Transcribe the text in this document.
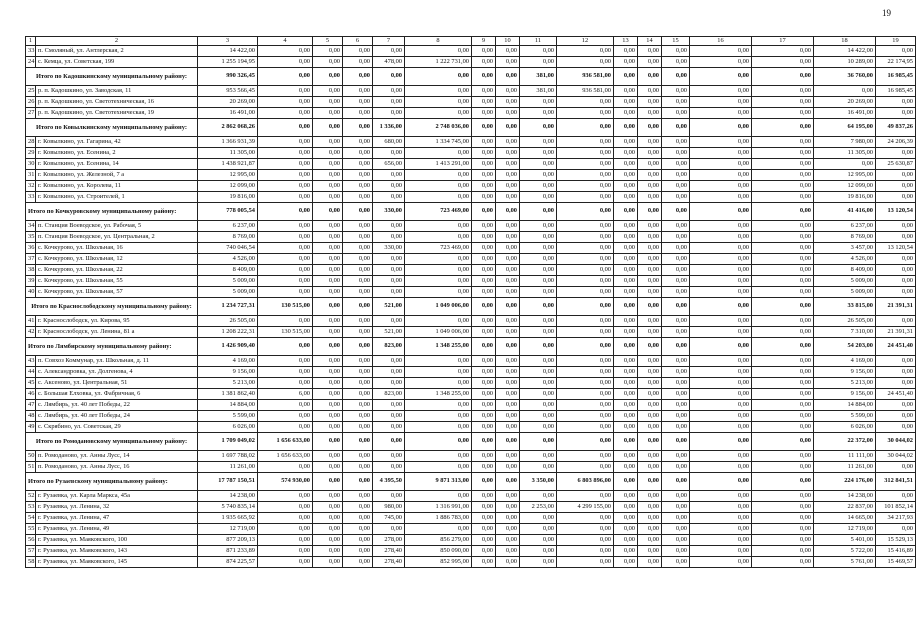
19
1	2	3	4	5	6	7	8	9	10	11	12	13	14	15	16	17	18	19
33	п. Смоляный, ул. Антлерская, 2	14 422,00	0,00	0,00	0,00	0,00	0,00	0,00	0,00	0,00	0,00	0,00	0,00	0,00	0,00	0,00	14 422,00	0,00
24	с. Кемца, ул. Советская, 199	1 255 194,95	0,00	0,00	0,00	478,00	1 222 731,00	0,00	0,00	0,00	0,00	0,00	0,00	0,00	0,00	0,00	10 289,00	22 174,95
Итого по Кадошкинскому муниципальному району:		990 326,45	0,00	0,00	0,00	0,00	0,00	0,00	0,00	381,00	936 581,00	0,00	0,00	0,00	0,00	0,00	36 760,00	16 985,45
25	р. п. Кадошкино, ул. Заводская, 11	953 566,45	0,00	0,00	0,00	0,00	0,00	0,00	0,00	381,00	936 581,00	0,00	0,00	0,00	0,00	0,00	0,00	16 985,45
26	р. п. Кадошкино, ул. Светотехническая, 16	20 269,00	0,00	0,00	0,00	0,00	0,00	0,00	0,00	0,00	0,00	0,00	0,00	0,00	0,00	0,00	20 269,00	0,00
27	р. п. Кадошкино, ул. Светотехническая, 19	16 491,00	0,00	0,00	0,00	0,00	0,00	0,00	0,00	0,00	0,00	0,00	0,00	0,00	0,00	0,00	16 491,00	0,00
Итого по Ковылкинскому муниципальному району:		2 862 068,26	0,00	0,00	0,00	1 336,00	2 748 036,00	0,00	0,00	0,00	0,00	0,00	0,00	0,00	0,00	0,00	64 195,00	49 837,26
28	г. Ковылкино, ул. Гагарина, 42	1 366 931,39	0,00	0,00	0,00	680,00	1 334 745,00	0,00	0,00	0,00	0,00	0,00	0,00	0,00	0,00	0,00	7 980,00	24 206,39
29	г. Ковылкино, ул. Есенина, 2	11 305,00	0,00	0,00	0,00	0,00	0,00	0,00	0,00	0,00	0,00	0,00	0,00	0,00	0,00	0,00	11 305,00	0,00
30	г. Ковылкино, ул. Есенина, 14	1 438 921,87	0,00	0,00	0,00	656,00	1 413 291,00	0,00	0,00	0,00	0,00	0,00	0,00	0,00	0,00	0,00	0,00	25 630,87
31	г. Ковылкино, ул. Железной, 7 а	12 995,00	0,00	0,00	0,00	0,00	0,00	0,00	0,00	0,00	0,00	0,00	0,00	0,00	0,00	0,00	12 995,00	0,00
32	г. Ковылкино, ул. Королева, 11	12 099,00	0,00	0,00	0,00	0,00	0,00	0,00	0,00	0,00	0,00	0,00	0,00	0,00	0,00	0,00	12 099,00	0,00
33	г. Ковылкино, ул. Строителей, 1	19 816,00	0,00	0,00	0,00	0,00	0,00	0,00	0,00	0,00	0,00	0,00	0,00	0,00	0,00	0,00	19 816,00	0,00
Итого по Кочкуровскому муниципальному району:		778 005,54	0,00	0,00	0,00	330,00	723 469,00	0,00	0,00	0,00	0,00	0,00	0,00	0,00	0,00	0,00	41 416,00	13 120,54
34	п. Станция Воеводское, ул. Рабочая, 5	6 237,00	0,00	0,00	0,00	0,00	0,00	0,00	0,00	0,00	0,00	0,00	0,00	0,00	0,00	0,00	6 237,00	0,00
35	п. Станция Воеводское, ул. Центральная, 2	8 769,00	0,00	0,00	0,00	0,00	0,00	0,00	0,00	0,00	0,00	0,00	0,00	0,00	0,00	0,00	8 769,00	0,00
36	с. Кочкурово, ул. Школьная, 16	740 046,54	0,00	0,00	0,00	330,00	723 469,00	0,00	0,00	0,00	0,00	0,00	0,00	0,00	0,00	0,00	3 457,00	13 120,54
37	с. Кочкурово, ул. Школьная, 12	4 526,00	0,00	0,00	0,00	0,00	0,00	0,00	0,00	0,00	0,00	0,00	0,00	0,00	0,00	0,00	4 526,00	0,00
38	с. Кочкурово, ул. Школьная, 22	8 409,00	0,00	0,00	0,00	0,00	0,00	0,00	0,00	0,00	0,00	0,00	0,00	0,00	0,00	0,00	8 409,00	0,00
39	с. Кочкурово, ул. Школьная, 55	5 009,00	0,00	0,00	0,00	0,00	0,00	0,00	0,00	0,00	0,00	0,00	0,00	0,00	0,00	0,00	5 009,00	0,00
40	с. Кочкурово, ул. Школьная, 57	5 009,00	0,00	0,00	0,00	0,00	0,00	0,00	0,00	0,00	0,00	0,00	0,00	0,00	0,00	0,00	5 009,00	0,00
Итого по Краснослободскому муниципальному району:		1 234 727,31	130 515,00	0,00	0,00	521,00	1 049 006,00	0,00	0,00	0,00	0,00	0,00	0,00	0,00	0,00	0,00	33 815,00	21 391,31
41	г. Краснослободск, ул. Кирова, 95	26 505,00	0,00	0,00	0,00	0,00	0,00	0,00	0,00	0,00	0,00	0,00	0,00	0,00	0,00	0,00	26 505,00	0,00
42	г. Краснослободск, ул. Ленина, 81 а	1 208 222,31	130 515,00	0,00	0,00	521,00	1 049 006,00	0,00	0,00	0,00	0,00	0,00	0,00	0,00	0,00	0,00	7 310,00	21 391,31
Итого по Лямбирскому муниципальному району:		1 426 909,40	0,00	0,00	0,00	823,00	1 348 255,00	0,00	0,00	0,00	0,00	0,00	0,00	0,00	0,00	0,00	54 203,00	24 451,40
43	п. Совхоз Коммунар, ул. Школьная, д. 11	4 169,00	0,00	0,00	0,00	0,00	0,00	0,00	0,00	0,00	0,00	0,00	0,00	0,00	0,00	0,00	4 169,00	0,00
44	с. Александровка, ул. Долгенова, 4	9 156,00	0,00	0,00	0,00	0,00	0,00	0,00	0,00	0,00	0,00	0,00	0,00	0,00	0,00	0,00	9 156,00	0,00
45	с. Аксеново, ул. Центральная, 51	5 213,00	0,00	0,00	0,00	0,00	0,00	0,00	0,00	0,00	0,00	0,00	0,00	0,00	0,00	0,00	5 213,00	0,00
46	с. Большая Елховка, ул. Фабричная, 6	1 381 862,40	6,00	0,00	0,00	823,00	1 348 255,00	0,00	0,00	0,00	0,00	0,00	0,00	0,00	0,00	0,00	9 156,00	24 451,40
47	с. Лямбирь, ул. 40 лет Победы, 22	14 884,00	0,00	0,00	0,00	0,00	0,00	0,00	0,00	0,00	0,00	0,00	0,00	0,00	0,00	0,00	14 884,00	0,00
48	с. Лямбирь, ул. 40 лет Победы, 24	5 599,00	0,00	0,00	0,00	0,00	0,00	0,00	0,00	0,00	0,00	0,00	0,00	0,00	0,00	0,00	5 599,00	0,00
49	с. Скрябино, ул. Советская, 29	6 026,00	0,00	0,00	0,00	0,00	0,00	0,00	0,00	0,00	0,00	0,00	0,00	0,00	0,00	0,00	6 026,00	0,00
Итого по Ромодановскому муниципальному району:		1 709 049,02	1 656 633,00	0,00	0,00	0,00	0,00	0,00	0,00	0,00	0,00	0,00	0,00	0,00	0,00	0,00	22 372,00	30 044,02
50	п. Ромоданово, ул. Анны Лусс, 14	1 697 788,02	1 656 633,00	0,00	0,00	0,00	0,00	0,00	0,00	0,00	0,00	0,00	0,00	0,00	0,00	0,00	11 111,00	30 044,02
51	п. Ромоданово, ул. Анны Лусс, 16	11 261,00	0,00	0,00	0,00	0,00	0,00	0,00	0,00	0,00	0,00	0,00	0,00	0,00	0,00	0,00	11 261,00	0,00
Итого по Рузаевскому муниципальному району:		17 787 150,51	574 930,00	0,00	0,00	4 395,50	9 871 313,00	0,00	0,00	3 350,00	6 803 896,00	0,00	0,00	0,00	0,00	0,00	224 176,00	312 841,51
52	г. Рузаевка, ул. Карла Маркса, 45а	14 238,00	0,00	0,00	0,00	0,00	0,00	0,00	0,00	0,00	0,00	0,00	0,00	0,00	0,00	0,00	14 238,00	0,00
53	г. Рузаевка, ул. Ленина, 32	5 740 835,14	0,00	0,00	0,00	980,00	1 316 991,00	0,00	0,00	2 253,00	4 299 155,00	0,00	0,00	0,00	0,00	0,00	22 837,00	101 852,14
54	г. Рузаевка, ул. Ленина, 47	1 935 665,92	0,00	0,00	0,00	745,00	1 886 783,00	0,00	0,00	0,00	0,00	0,00	0,00	0,00	0,00	0,00	14 665,00	34 217,93
55	г. Рузаевка, ул. Ленина, 49	12 719,00	0,00	0,00	0,00	0,00	0,00	0,00	0,00	0,00	0,00	0,00	0,00	0,00	0,00	0,00	12 719,00	0,00
56	г. Рузаевка, ул. Маяковского, 100	877 209,13	0,00	0,00	0,00	278,00	856 279,00	0,00	0,00	0,00	0,00	0,00	0,00	0,00	0,00	0,00	5 401,00	15 529,13
57	г. Рузаевка, ул. Маяковского, 143	871 233,89	0,00	0,00	0,00	278,40	850 090,00	0,00	0,00	0,00	0,00	0,00	0,00	0,00	0,00	0,00	5 722,00	15 416,89
58	г. Рузаевка, ул. Маяковского, 145	874 225,57	0,00	0,00	0,00	278,40	852 995,00	0,00	0,00	0,00	0,00	0,00	0,00	0,00	0,00	0,00	5 761,00	15 469,57
